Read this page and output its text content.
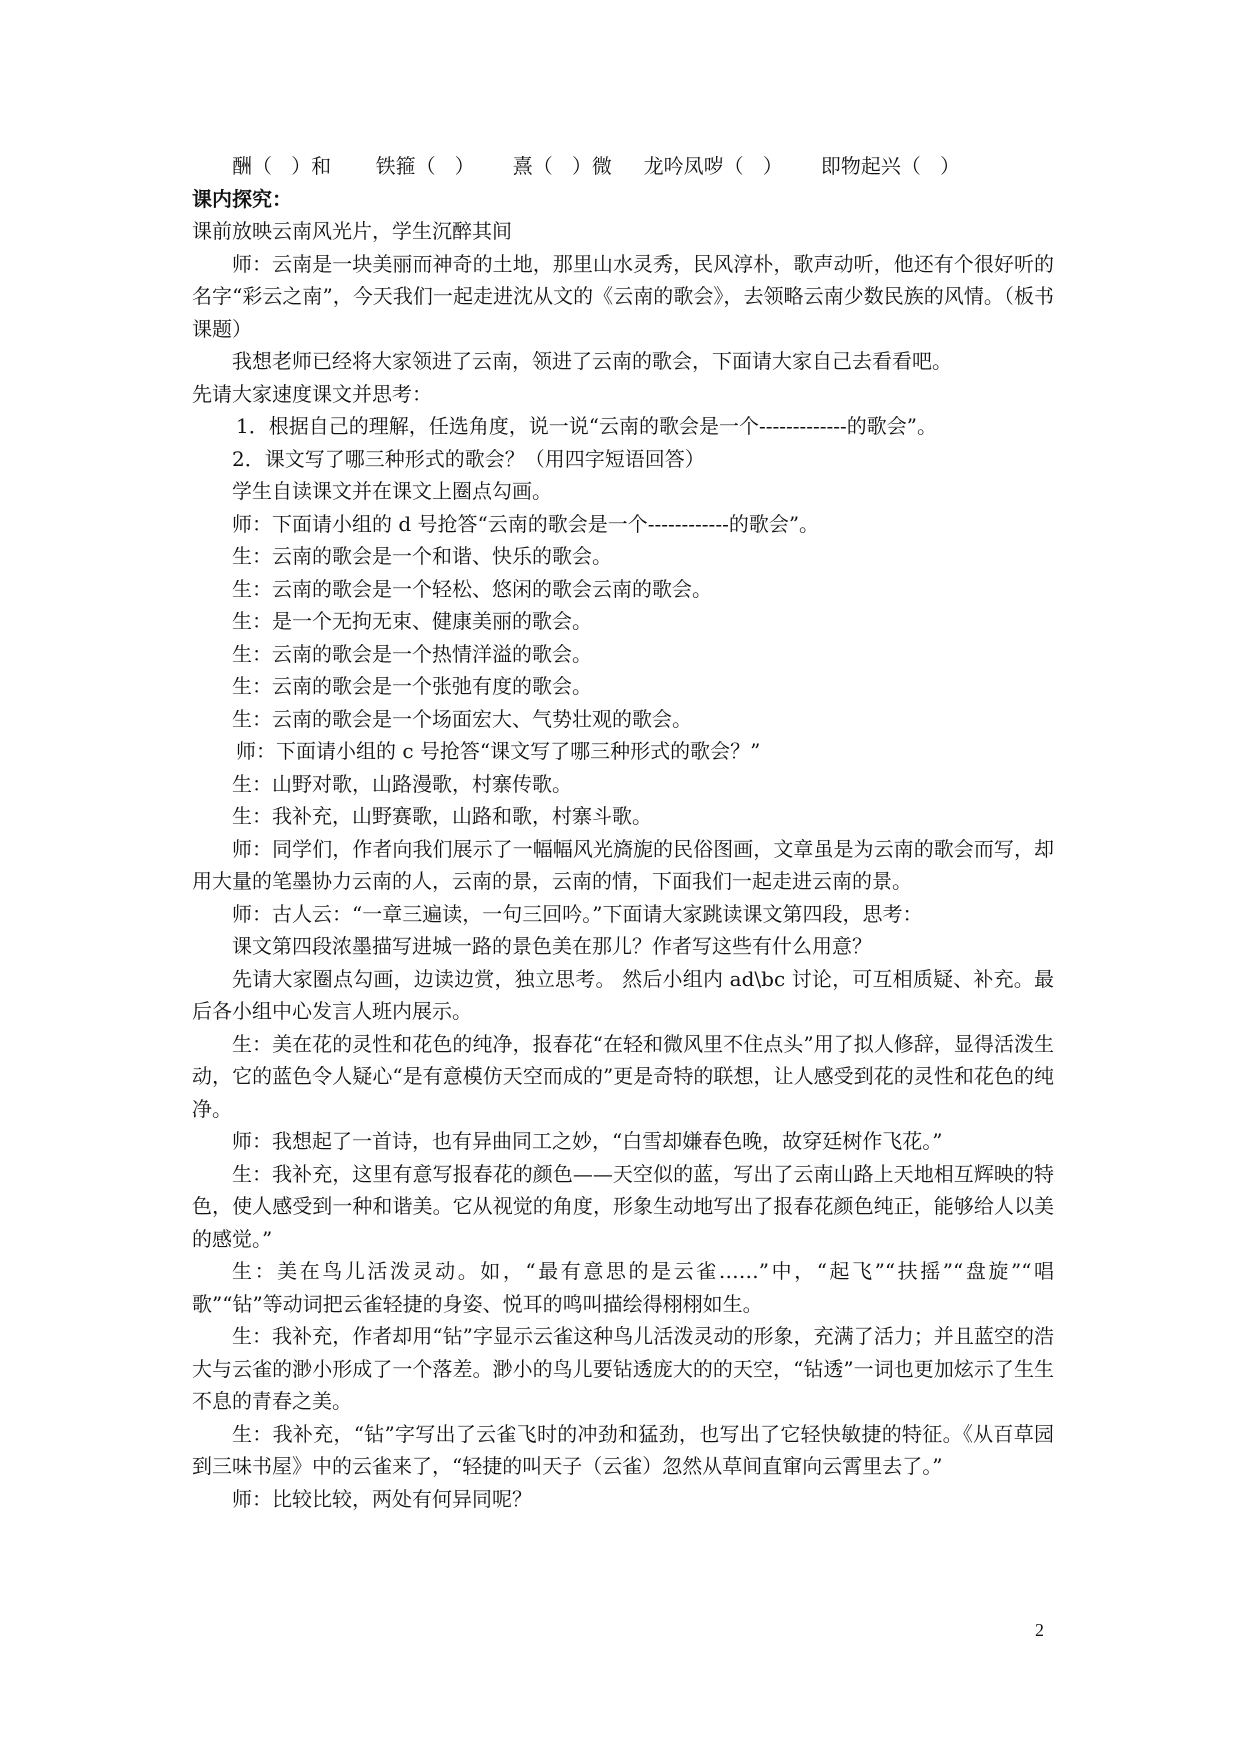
酬（   ）和       铁箍（   ）      熹（   ）微     龙吟凤哕（   ）      即物起兴（   ）

课内探究：

课前放映云南风光片，学生沉醉其间

师：云南是一块美丽而神奇的土地，那里山水灵秀，民风淳朴，歌声动听，他还有个很好听的名字“彩云之南”，今天我们一起走进沈从文的《云南的歌会》，去领略云南少数民族的风情。（板书课题）

我想老师已经将大家领进了云南，领进了云南的歌会，下面请大家自己去看看吧。

先请大家速度课文并思考：

1．根据自己的理解，任选角度，说一说“云南的歌会是一个-------------的歌会”。

2．课文写了哪三种形式的歌会？（用四字短语回答）

学生自读课文并在课文上圈点勾画。

师：下面请小组的 d 号抢答“云南的歌会是一个------------的歌会”。

生：云南的歌会是一个和谐、快乐的歌会。

生：云南的歌会是一个轻松、悠闲的歌会云南的歌会。

生：是一个无拘无束、健康美丽的歌会。

生：云南的歌会是一个热情洋溢的歌会。

生：云南的歌会是一个张弛有度的歌会。

生：云南的歌会是一个场面宏大、气势壮观的歌会。

师：下面请小组的 c 号抢答“课文写了哪三种形式的歌会？”

生：山野对歌，山路漫歌，村寨传歌。

生：我补充，山野赛歌，山路和歌，村寨斗歌。

师：同学们，作者向我们展示了一幅幅风光旖旎的民俗图画，文章虽是为云南的歌会而写，却用大量的笔墨协力云南的人，云南的景，云南的情，下面我们一起走进云南的景。

师：古人云：“一章三遍读，一句三回吟。”下面请大家跳读课文第四段，思考：

课文第四段浓墨描写进城一路的景色美在那儿？作者写这些有什么用意？

先请大家圈点勾画，边读边赏，独立思考。 然后小组内 ad\bc 讨论，可互相质疑、补充。最后各小组中心发言人班内展示。

生：美在花的灵性和花色的纯净，报春花“在轻和微风里不住点头”用了拟人修辞，显得活泼生动，它的蓝色令人疑心“是有意模仿天空而成的”更是奇特的联想，让人感受到花的灵性和花色的纯净。

师：我想起了一首诗，也有异曲同工之妙，“白雪却嫌春色晚，故穿廷树作飞花。”

生：我补充，这里有意写报春花的颜色——天空似的蓝，写出了云南山路上天地相互辉映的特色，使人感受到一种和谐美。它从视觉的角度，形象生动地写出了报春花颜色纯正，能够给人以美的感觉。”

生：美在鸟儿活泼灵动。如，“最有意思的是云雀……”中，“起飞”“扶摇”“盘旋”“唱歌”“钻”等动词把云雀轻捷的身姿、悦耳的鸣叫描绘得栩栩如生。

生：我补充，作者却用“钻”字显示云雀这种鸟儿活泼灵动的形象，充满了活力；并且蓝空的浩大与云雀的渺小形成了一个落差。渺小的鸟儿要钻透庞大的的天空，“钻透”一词也更加炫示了生生不息的青春之美。

生：我补充，“钻”字写出了云雀飞时的冲劲和猛劲，也写出了它轻快敏捷的特征。《从百草园到三味书屋》中的云雀来了，“轻捷的叫天子（云雀）忽然从草间直窜向云霄里去了。”

师：比较比较，两处有何异同呢？

2
